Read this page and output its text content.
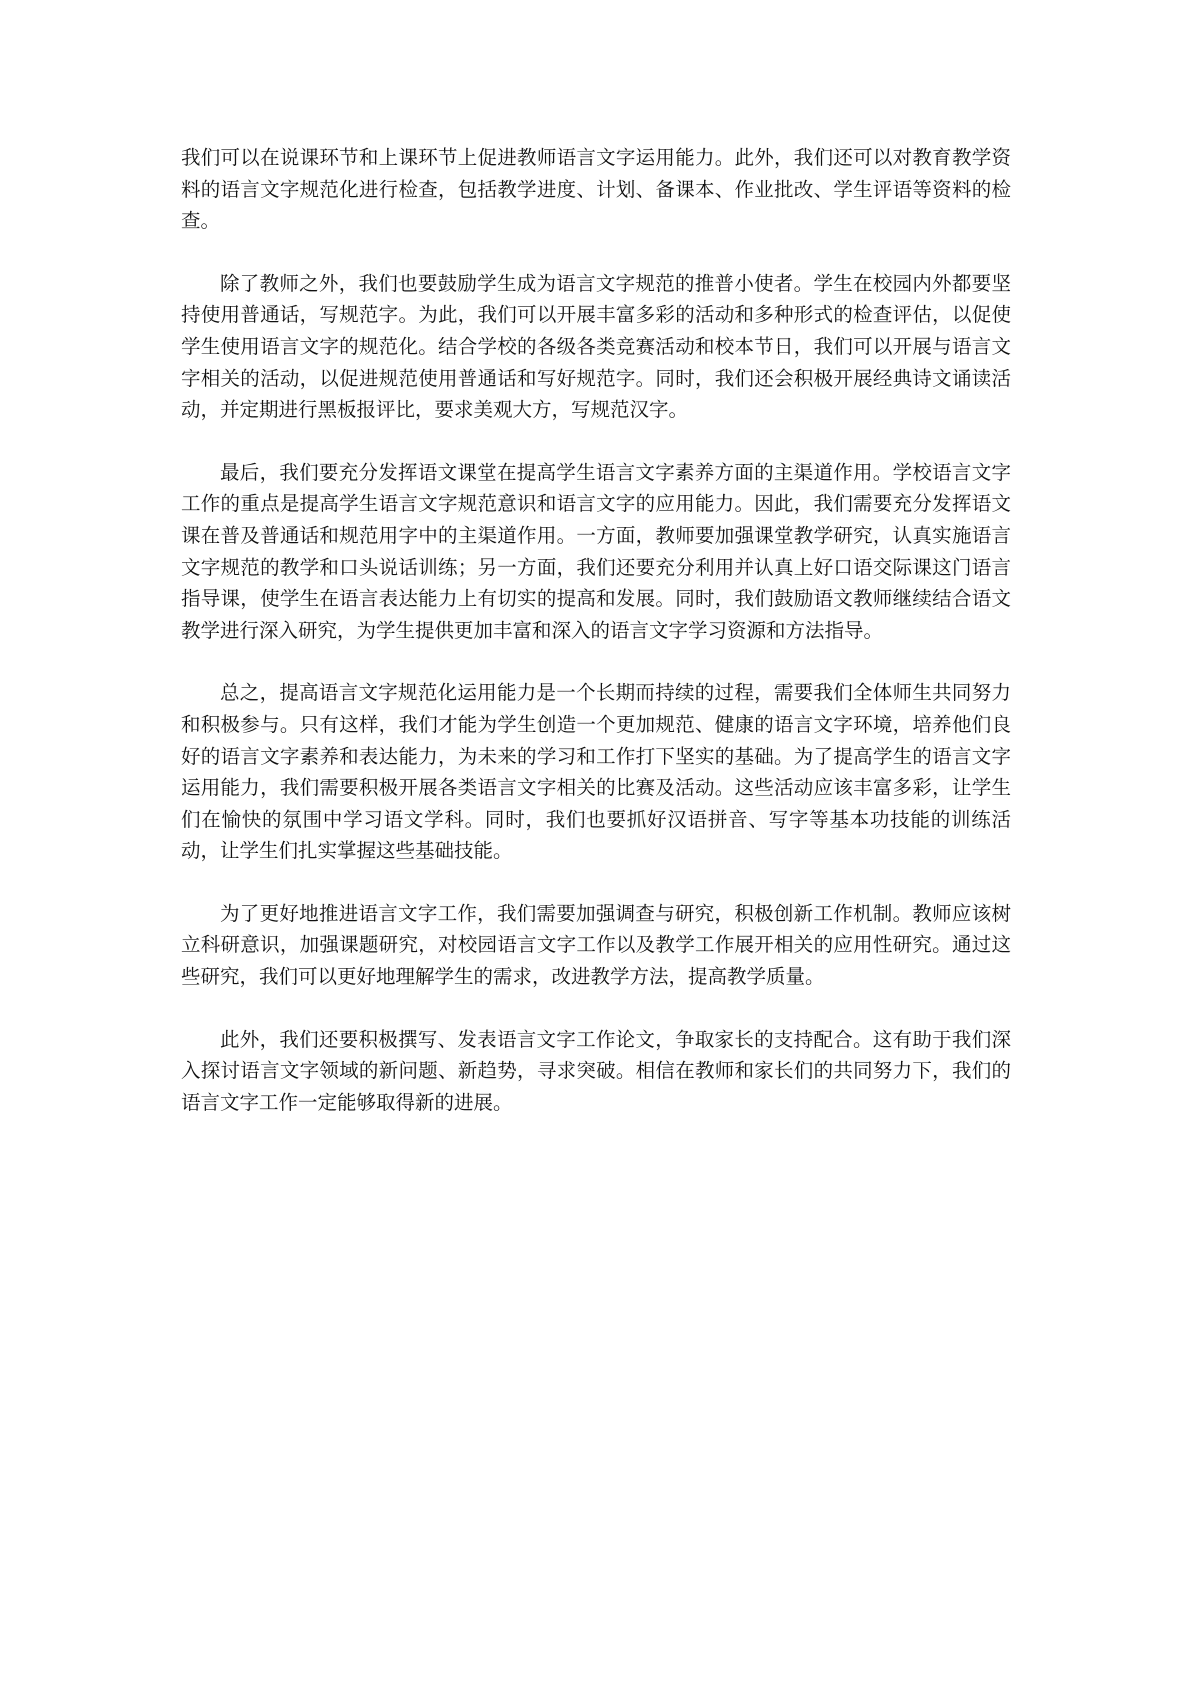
我们可以在说课环节和上课环节上促进教师语言文字运用能力。此外，我们还可以对教育教学资料的语言文字规范化进行检查，包括教学进度、计划、备课本、作业批改、学生评语等资料的检查。

除了教师之外，我们也要鼓励学生成为语言文字规范的推普小使者。学生在校园内外都要坚持使用普通话，写规范字。为此，我们可以开展丰富多彩的活动和多种形式的检查评估，以促使学生使用语言文字的规范化。结合学校的各级各类竞赛活动和校本节日，我们可以开展与语言文字相关的活动，以促进规范使用普通话和写好规范字。同时，我们还会积极开展经典诗文诵读活动，并定期进行黑板报评比，要求美观大方，写规范汉字。

最后，我们要充分发挥语文课堂在提高学生语言文字素养方面的主渠道作用。学校语言文字工作的重点是提高学生语言文字规范意识和语言文字的应用能力。因此，我们需要充分发挥语文课在普及普通话和规范用字中的主渠道作用。一方面，教师要加强课堂教学研究，认真实施语言文字规范的教学和口头说话训练；另一方面，我们还要充分利用并认真上好口语交际课这门语言指导课，使学生在语言表达能力上有切实的提高和发展。同时，我们鼓励语文教师继续结合语文教学进行深入研究，为学生提供更加丰富和深入的语言文字学习资源和方法指导。

总之，提高语言文字规范化运用能力是一个长期而持续的过程，需要我们全体师生共同努力和积极参与。只有这样，我们才能为学生创造一个更加规范、健康的语言文字环境，培养他们良好的语言文字素养和表达能力，为未来的学习和工作打下坚实的基础。为了提高学生的语言文字运用能力，我们需要积极开展各类语言文字相关的比赛及活动。这些活动应该丰富多彩，让学生们在愉快的氛围中学习语文学科。同时，我们也要抓好汉语拼音、写字等基本功技能的训练活动，让学生们扎实掌握这些基础技能。

为了更好地推进语言文字工作，我们需要加强调查与研究，积极创新工作机制。教师应该树立科研意识，加强课题研究，对校园语言文字工作以及教学工作展开相关的应用性研究。通过这些研究，我们可以更好地理解学生的需求，改进教学方法，提高教学质量。

此外，我们还要积极撰写、发表语言文字工作论文，争取家长的支持配合。这有助于我们深入探讨语言文字领域的新问题、新趋势，寻求突破。相信在教师和家长们的共同努力下，我们的语言文字工作一定能够取得新的进展。
